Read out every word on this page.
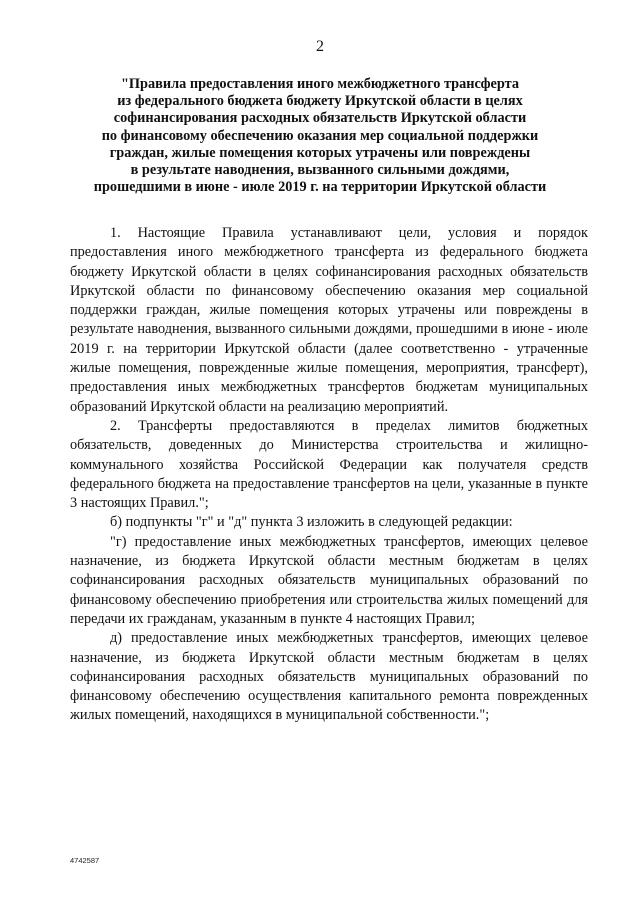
2
"Правила предоставления иного межбюджетного трансферта
из федерального бюджета бюджету Иркутской области в целях
софинансирования расходных обязательств Иркутской области
по финансовому обеспечению оказания мер социальной поддержки
граждан, жилые помещения которых утрачены или повреждены
в результате наводнения, вызванного сильными дождями,
прошедшими в июне - июле 2019 г. на территории Иркутской области

1. Настоящие Правила устанавливают цели, условия и порядок предоставления иного межбюджетного трансферта из федерального бюджета бюджету Иркутской области в целях софинансирования расходных обязательств Иркутской области по финансовому обеспечению оказания мер социальной поддержки граждан, жилые помещения которых утрачены или повреждены в результате наводнения, вызванного сильными дождями, прошедшими в июне - июле 2019 г. на территории Иркутской области (далее соответственно - утраченные жилые помещения, поврежденные жилые помещения, мероприятия, трансферт), предоставления иных межбюджетных трансфертов бюджетам муниципальных образований Иркутской области на реализацию мероприятий.

2. Трансферты предоставляются в пределах лимитов бюджетных обязательств, доведенных до Министерства строительства и жилищно-коммунального хозяйства Российской Федерации как получателя средств федерального бюджета на предоставление трансфертов на цели, указанные в пункте 3 настоящих Правил.";

б) подпункты "г" и "д" пункта 3 изложить в следующей редакции:

"г) предоставление иных межбюджетных трансфертов, имеющих целевое назначение, из бюджета Иркутской области местным бюджетам в целях софинансирования расходных обязательств муниципальных образований по финансовому обеспечению приобретения или строительства жилых помещений для передачи их гражданам, указанным в пункте 4 настоящих Правил;

д) предоставление иных межбюджетных трансфертов, имеющих целевое назначение, из бюджета Иркутской области местным бюджетам в целях софинансирования расходных обязательств муниципальных образований по финансовому обеспечению осуществления капитального ремонта поврежденных жилых помещений, находящихся в муниципальной собственности.";

4742587
